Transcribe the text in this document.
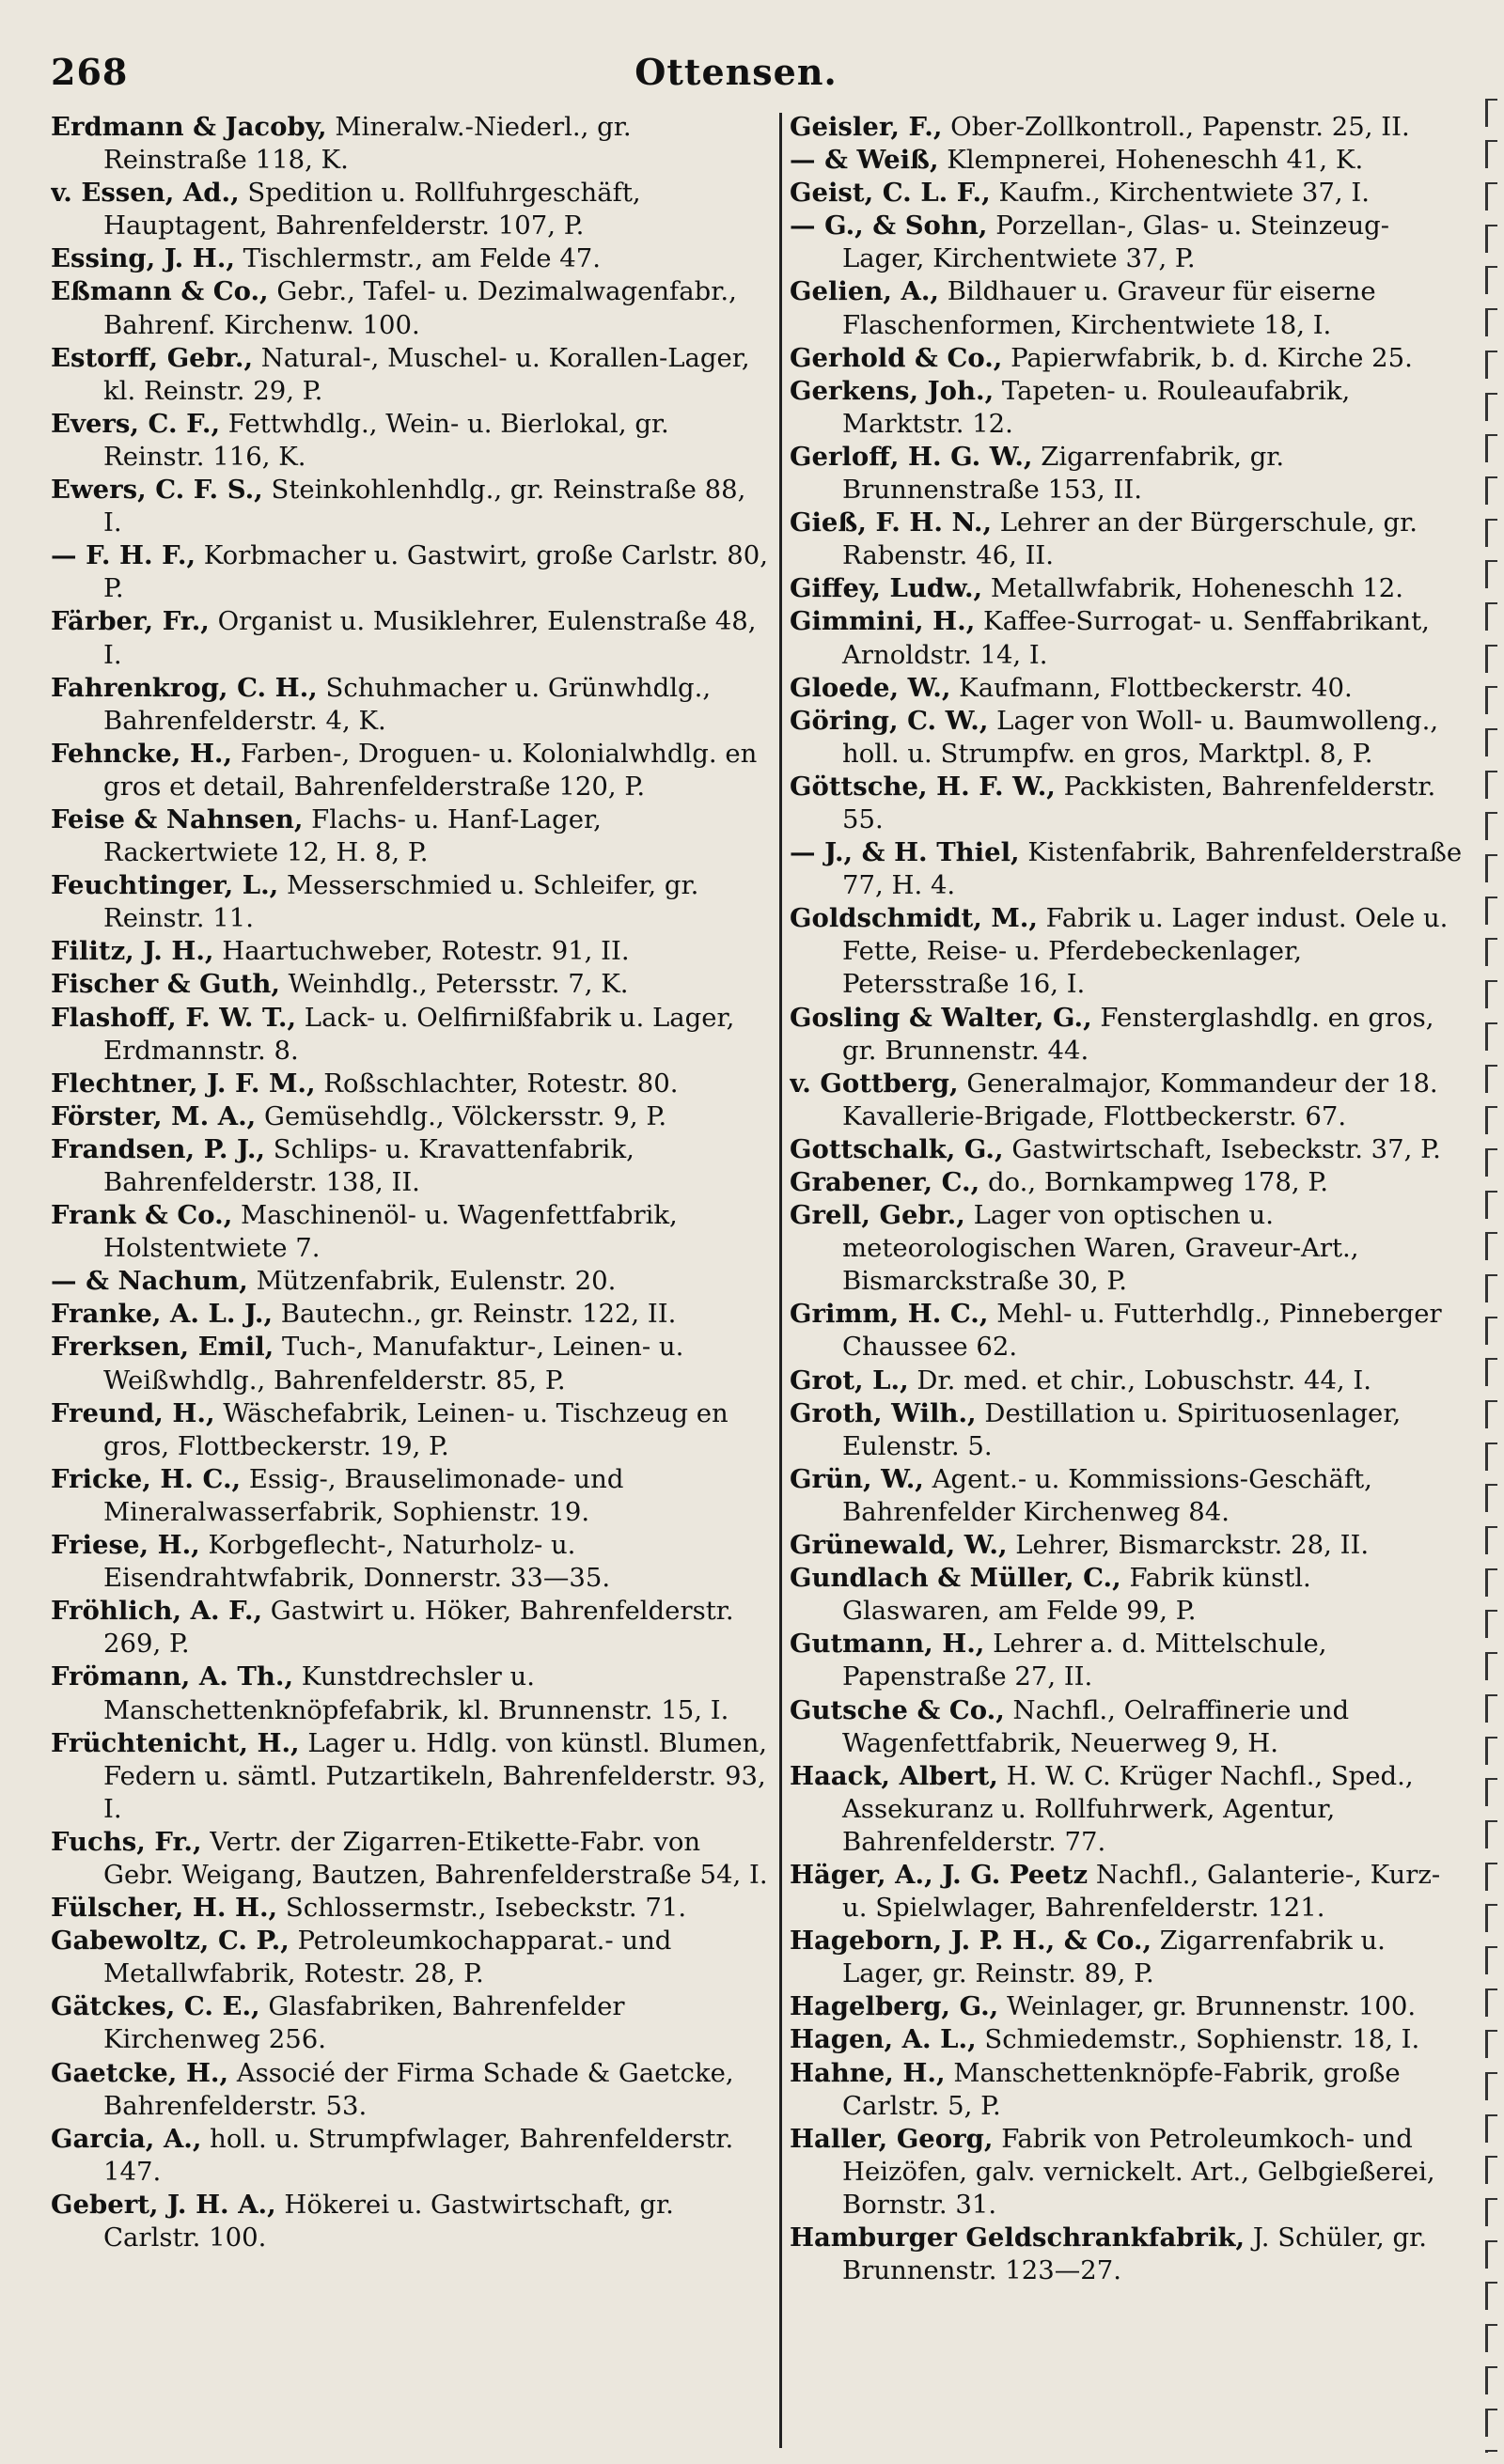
268	Ottensen.

Erdmann & Jacoby, Mineralw.-Niederl., gr. Reinstraße 118, K.

v. Essen, Ad., Spedition u. Rollfuhrgeschäft, Hauptagent, Bahrenfelderstr. 107, P.

Essing, J. H., Tischlermstr., am Felde 47.

Eßmann & Co., Gebr., Tafel- u. Dezimalwagenfabr., Bahrenf. Kirchenw. 100.

Estorff, Gebr., Natural-, Muschel- u. Korallen-Lager, kl. Reinstr. 29, P.

Evers, C. F., Fettwhdlg., Wein- u. Bierlokal, gr. Reinstr. 116, K.

Ewers, C. F. S., Steinkohlenhdlg., gr. Reinstraße 88, I.

— F. H. F., Korbmacher u. Gastwirt, große Carlstr. 80, P.

Färber, Fr., Organist u. Musiklehrer, Eulenstraße 48, I.

Fahrenkrog, C. H., Schuhmacher u. Grünwhdlg., Bahrenfelderstr. 4, K.

Fehncke, H., Farben-, Droguen- u. Kolonialwhdlg. en gros et detail, Bahrenfelderstraße 120, P.

Feise & Nahnsen, Flachs- u. Hanf-Lager, Rackertwiete 12, H. 8, P.

Feuchtinger, L., Messerschmied u. Schleifer, gr. Reinstr. 11.

Filitz, J. H., Haartuchweber, Rotestr. 91, II.

Fischer & Guth, Weinhdlg., Petersstr. 7, K.

Flashoff, F. W. T., Lack- u. Oelfirnißfabrik u. Lager, Erdmannstr. 8.

Flechtner, J. F. M., Roßschlachter, Rotestr. 80.

Förster, M. A., Gemüsehdlg., Völckersstr. 9, P.

Frandsen, P. J., Schlips- u. Kravattenfabrik, Bahrenfelderstr. 138, II.

Frank & Co., Maschinenöl- u. Wagenfettfabrik, Holstentwiete 7.

— & Nachum, Mützenfabrik, Eulenstr. 20.

Franke, A. L. J., Bautechn., gr. Reinstr. 122, II.

Frerksen, Emil, Tuch-, Manufaktur-, Leinen- u. Weißwhdlg., Bahrenfelderstr. 85, P.

Freund, H., Wäschefabrik, Leinen- u. Tischzeug en gros, Flottbeckerstr. 19, P.

Fricke, H. C., Essig-, Brauselimonade- und Mineralwasserfabrik, Sophienstr. 19.

Friese, H., Korbgeflecht-, Naturholz- u. Eisendrahtwfabrik, Donnerstr. 33—35.

Fröhlich, A. F., Gastwirt u. Höker, Bahrenfelderstr. 269, P.

Frömann, A. Th., Kunstdrechsler u. Manschettenknöpfefabrik, kl. Brunnenstr. 15, I.

Früchtenicht, H., Lager u. Hdlg. von künstl. Blumen, Federn u. sämtl. Putzartikeln, Bahrenfelderstr. 93, I.

Fuchs, Fr., Vertr. der Zigarren-Etikette-Fabr. von Gebr. Weigang, Bautzen, Bahrenfelderstraße 54, I.

Fülscher, H. H., Schlossermstr., Isebeckstr. 71.

Gabewoltz, C. P., Petroleumkochapparat.- und Metallwfabrik, Rotestr. 28, P.

Gätckes, C. E., Glasfabriken, Bahrenfelder Kirchenweg 256.

Gaetcke, H., Associé der Firma Schade & Gaetcke, Bahrenfelderstr. 53.

Garcia, A., holl. u. Strumpfwlager, Bahrenfelderstr. 147.

Gebert, J. H. A., Hökerei u. Gastwirtschaft, gr. Carlstr. 100.

Geisler, F., Ober-Zollkontroll., Papenstr. 25, II.

— & Weiß, Klempnerei, Hoheneschh 41, K.

Geist, C. L. F., Kaufm., Kirchentwiete 37, I.

— G., & Sohn, Porzellan-, Glas- u. Steinzeug-Lager, Kirchentwiete 37, P.

Gelien, A., Bildhauer u. Graveur für eiserne Flaschenformen, Kirchentwiete 18, I.

Gerhold & Co., Papierwfabrik, b. d. Kirche 25.

Gerkens, Joh., Tapeten- u. Rouleaufabrik, Marktstr. 12.

Gerloff, H. G. W., Zigarrenfabrik, gr. Brunnenstraße 153, II.

Gieß, F. H. N., Lehrer an der Bürgerschule, gr. Rabenstr. 46, II.

Giffey, Ludw., Metallwfabrik, Hoheneschh 12.

Gimmini, H., Kaffee-Surrogat- u. Senffabrikant, Arnoldstr. 14, I.

Gloede, W., Kaufmann, Flottbeckerstr. 40.

Göring, C. W., Lager von Woll- u. Baumwolleng., holl. u. Strumpfw. en gros, Marktpl. 8, P.

Göttsche, H. F. W., Packkisten, Bahrenfelderstr. 55.

— J., & H. Thiel, Kistenfabrik, Bahrenfelderstraße 77, H. 4.

Goldschmidt, M., Fabrik u. Lager indust. Oele u. Fette, Reise- u. Pferdebeckenlager, Petersstraße 16, I.

Gosling & Walter, G., Fensterglashdlg. en gros, gr. Brunnenstr. 44.

v. Gottberg, Generalmajor, Kommandeur der 18. Kavallerie-Brigade, Flottbeckerstr. 67.

Gottschalk, G., Gastwirtschaft, Isebeckstr. 37, P.

Grabener, C., do., Bornkampweg 178, P.

Grell, Gebr., Lager von optischen u. meteorologischen Waren, Graveur-Art., Bismarckstraße 30, P.

Grimm, H. C., Mehl- u. Futterhdlg., Pinneberger Chaussee 62.

Grot, L., Dr. med. et chir., Lobuschstr. 44, I.

Groth, Wilh., Destillation u. Spirituosenlager, Eulenstr. 5.

Grün, W., Agent.- u. Kommissions-Geschäft, Bahrenfelder Kirchenweg 84.

Grünewald, W., Lehrer, Bismarckstr. 28, II.

Gundlach & Müller, C., Fabrik künstl. Glaswaren, am Felde 99, P.

Gutmann, H., Lehrer a. d. Mittelschule, Papenstraße 27, II.

Gutsche & Co., Nachfl., Oelraffinerie und Wagenfettfabrik, Neuerweg 9, H.

Haack, Albert, H. W. C. Krüger Nachfl., Sped., Assekuranz u. Rollfuhrwerk, Agentur, Bahrenfelderstr. 77.

Häger, A., J. G. Peetz Nachfl., Galanterie-, Kurz- u. Spielwlager, Bahrenfelderstr. 121.

Hageborn, J. P. H., & Co., Zigarrenfabrik u. Lager, gr. Reinstr. 89, P.

Hagelberg, G., Weinlager, gr. Brunnenstr. 100.

Hagen, A. L., Schmiedemstr., Sophienstr. 18, I.

Hahne, H., Manschettenknöpfe-Fabrik, große Carlstr. 5, P.

Haller, Georg, Fabrik von Petroleumkoch- und Heizöfen, galv. vernickelt. Art., Gelbgießerei, Bornstr. 31.

Hamburger Geldschrankfabrik, J. Schüler, gr. Brunnenstr. 123—27.
